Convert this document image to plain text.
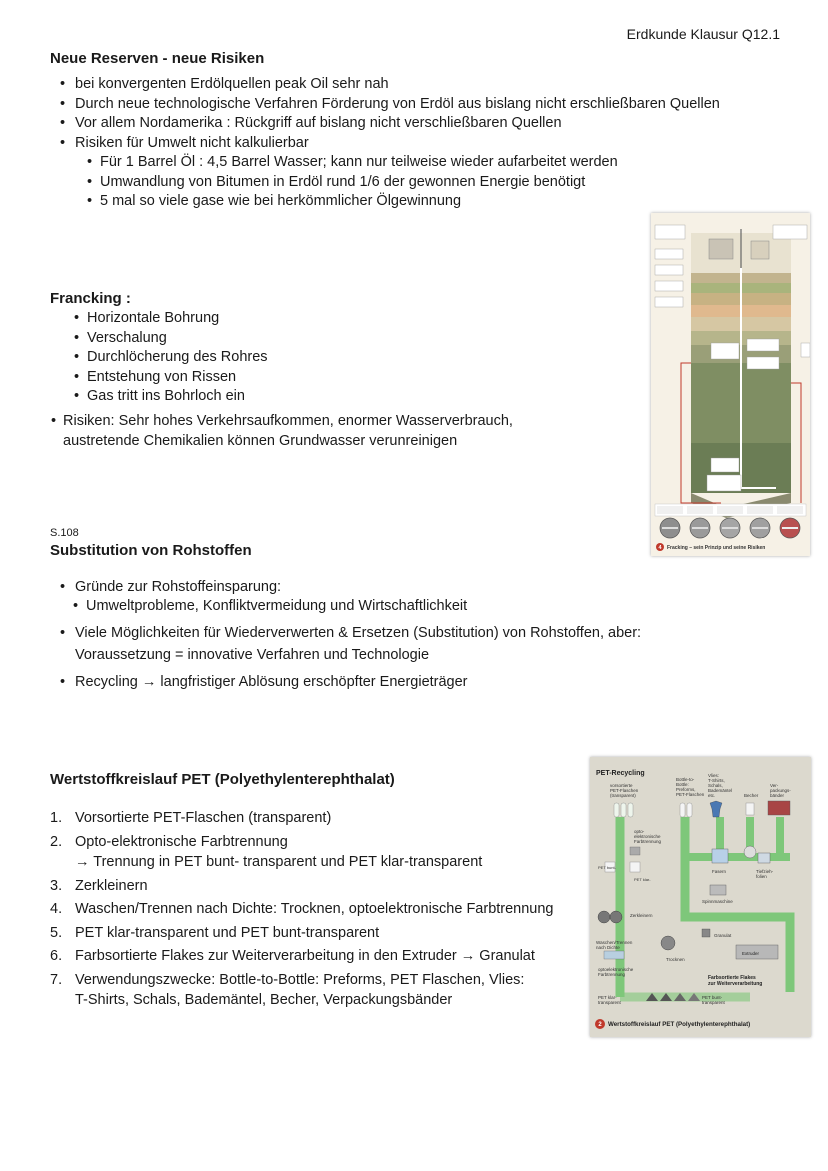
Erdkunde Klausur Q12.1
Neue Reserven - neue Risiken
• bei konvergenten Erdölquellen peak Oil sehr nah
• Durch neue technologische Verfahren Förderung von Erdöl aus bislang nicht erschließbaren Quellen
• Vor allem Nordamerika : Rückgriff auf bislang nicht verschließbaren Quellen
• Risiken für Umwelt nicht kalkulierbar
• Für 1 Barrel Öl : 4,5 Barrel Wasser; kann nur teilweise wieder aufarbeitet werden
• Umwandlung von Bitumen in Erdöl rund 1/6 der gewonnen Energie benötigt
• 5 mal so viele gase wie bei herkömmlicher Ölgewinnung
Francking :
• Horizontale Bohrung
• Verschalung
• Durchlöcherung des Rohres
• Entstehung von Rissen
• Gas tritt ins Bohrloch ein
• Risiken: Sehr hohes Verkehrsaufkommen, enormer Wasserverbrauch,
austretende Chemikalien können Grundwasser verunreinigen
4 Fracking – sein Prinzip und seine Risiken
S.108
Substitution von Rohstoffen
• Gründe zur Rohstoffeinsparung:
• Umweltprobleme, Konfliktvermeidung und Wirtschaftlichkeit
• Viele Möglichkeiten für Wiederverwerten & Ersetzen (Substitution) von Rohstoffen, aber:
Voraussetzung = innovative Verfahren und Technologie
• Recycling → langfristiger Ablösung erschöpfter Energieträger
Wertstoffkreislauf PET (Polyethylenterephthalat)
1. Vorsortierte PET-Flaschen (transparent)
2. Opto-elektronische Farbtrennung
→ Trennung in PET bunt- transparent und PET klar-transparent
3. Zerkleinern
4. Waschen/Trennen nach Dichte: Trocknen, optoelektronische Farbtrennung
5. PET klar-transparent und PET bunt-transparent
6. Farbsortierte Flakes zur Weiterverarbeitung in den Extruder → Granulat
7. Verwendungszwecke: Bottle-to-Bottle: Preforms, PET Flaschen, Vlies:
T-Shirts, Schals, Bademäntel, Becher, Verpackungsbänder
PET-Recycling
vorsortierte
PET-Flaschen
(transparent)
Bottle-to-
Bottle:
Preforms,
PET-Flaschen
Vlies:
T-Shirts,
Schals,
Bademäntel
etc.	Becher
Ver-
packungs-
bänder
opto-
elektronische
Farbtrennung
PET bunt-
PET klar-
Fasern	Tiefzieh-
folien
Spinnmaschine
Zerkleinern
Waschen/Trennen
nach Dichte
Trocknen
optoelektronische
Farbtrennung
Granulat
Extruder
Farbsortierte Flakes
zur Weiterverarbeitung
PET klar-
transparent
PET bunt-
transparent
2 Wertstoffkreislauf PET (Polyethylenterephthalat)
